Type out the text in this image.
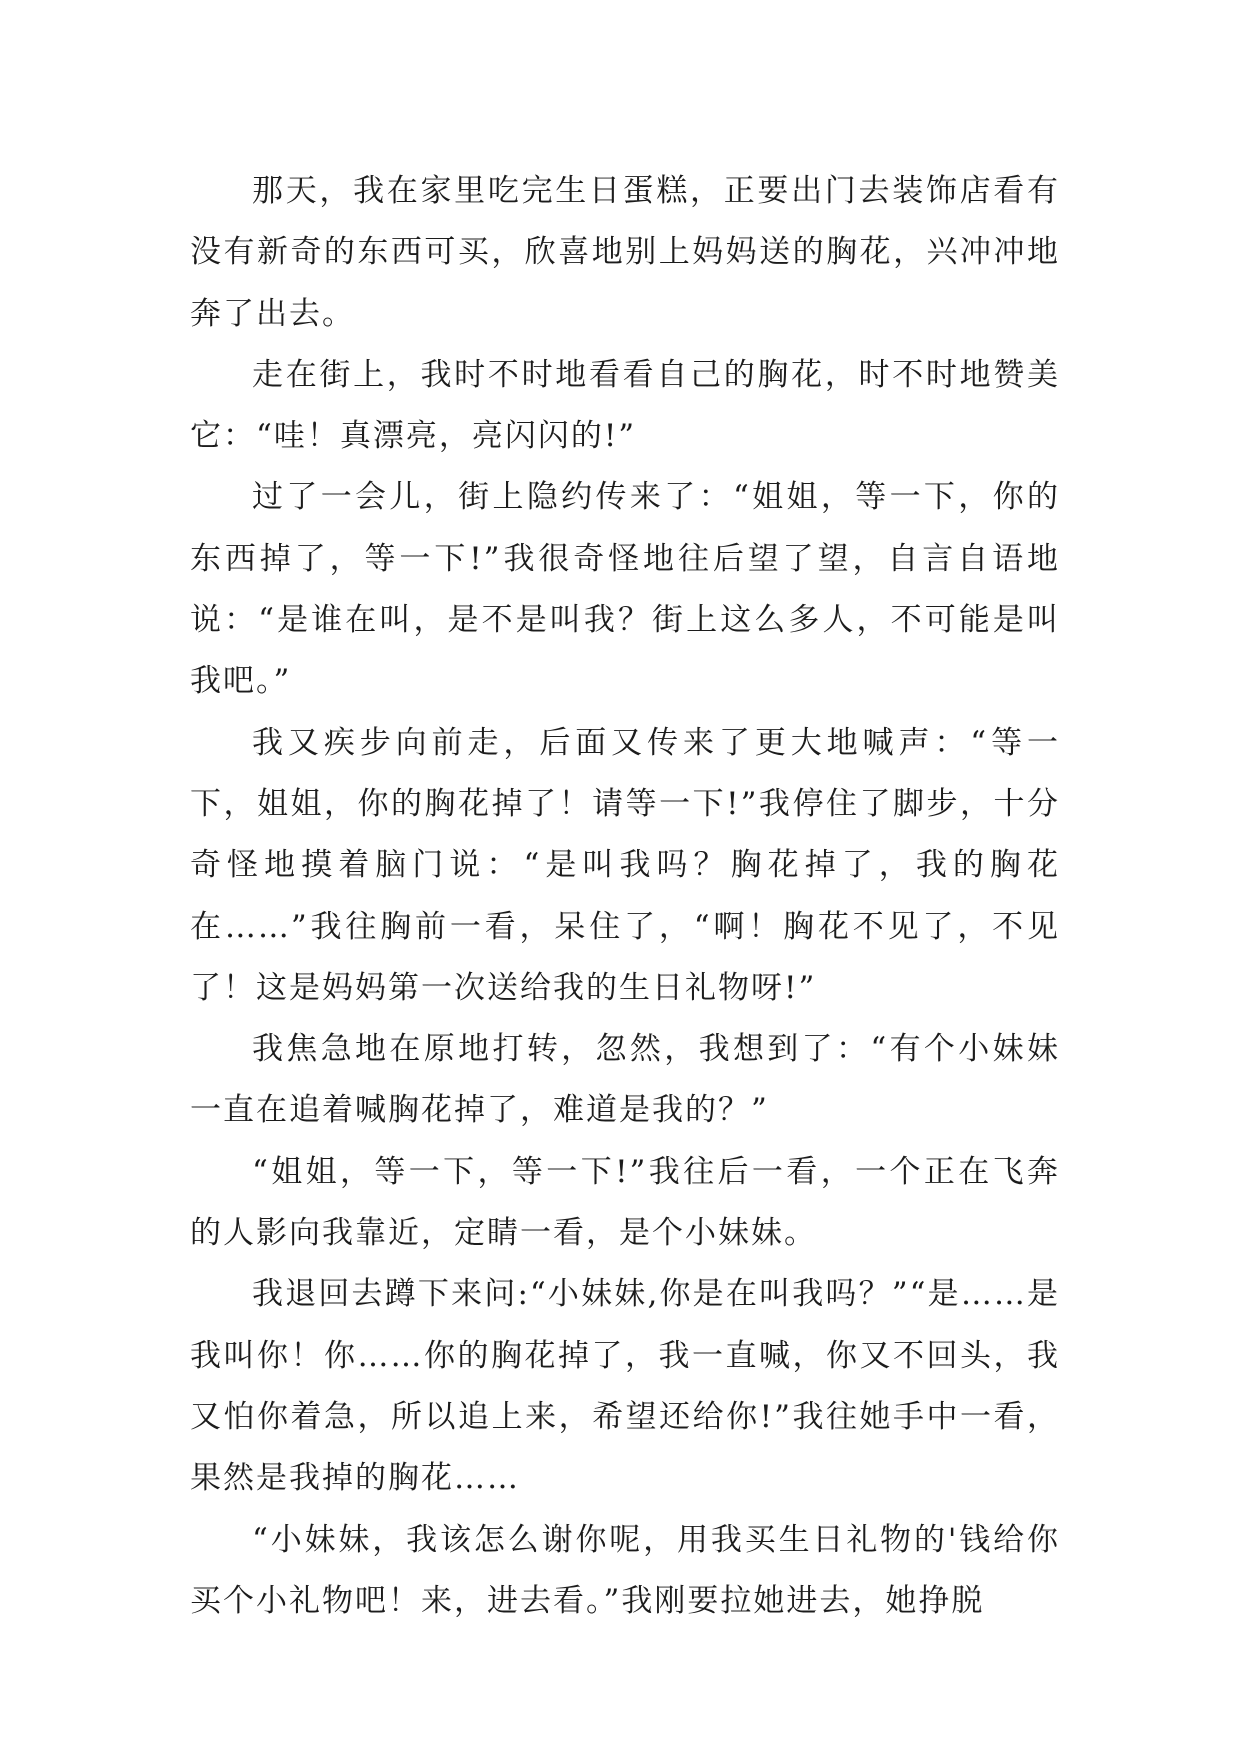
那天，我在家里吃完生日蛋糕，正要出门去装饰店看有没有新奇的东西可买，欣喜地别上妈妈送的胸花，兴冲冲地奔了出去。

走在街上，我时不时地看看自己的胸花，时不时地赞美它：“哇！真漂亮，亮闪闪的!”

过了一会儿，街上隐约传来了：“姐姐，等一下，你的东西掉了，等一下!”我很奇怪地往后望了望，自言自语地说：“是谁在叫，是不是叫我？街上这么多人，不可能是叫我吧。”

我又疾步向前走，后面又传来了更大地喊声：“等一下，姐姐，你的胸花掉了！请等一下!”我停住了脚步，十分奇怪地摸着脑门说：“是叫我吗？胸花掉了，我的胸花在……”我往胸前一看，呆住了，“啊！胸花不见了，不见了！这是妈妈第一次送给我的生日礼物呀!”

我焦急地在原地打转，忽然，我想到了：“有个小妹妹一直在追着喊胸花掉了，难道是我的？”

“姐姐，等一下，等一下!”我往后一看，一个正在飞奔的人影向我靠近，定睛一看，是个小妹妹。

我退回去蹲下来问:“小妹妹,你是在叫我吗？”“是……是我叫你！你……你的胸花掉了，我一直喊，你又不回头，我又怕你着急，所以追上来，希望还给你!”我往她手中一看，果然是我掉的胸花……

“小妹妹，我该怎么谢你呢，用我买生日礼物的'钱给你买个小礼物吧！来，进去看。”我刚要拉她进去，她挣脱
